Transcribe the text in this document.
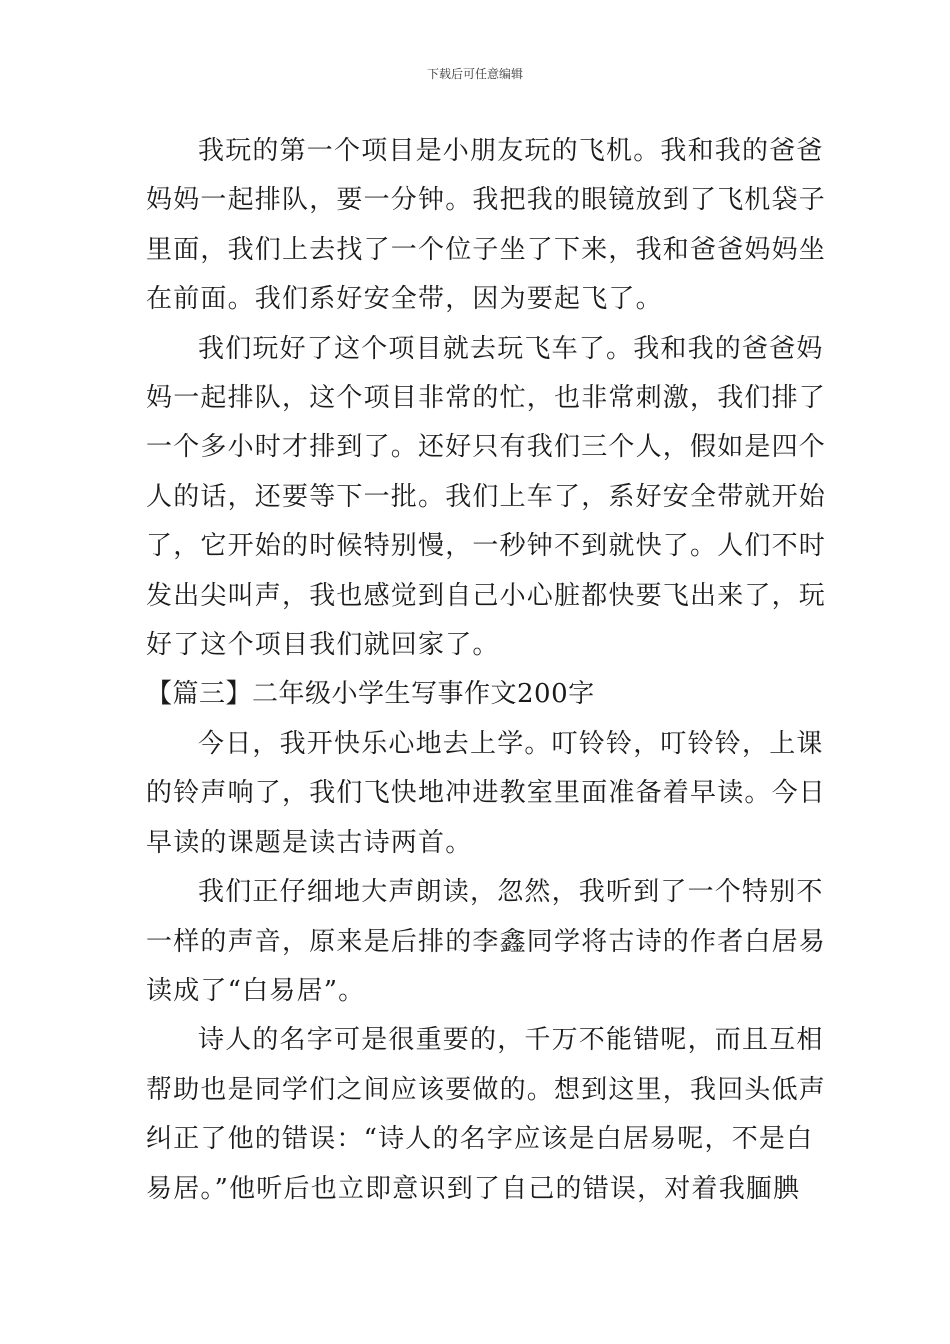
下载后可任意编辑

我玩的第一个项目是小朋友玩的飞机。我和我的爸爸
妈妈一起排队，要一分钟。我把我的眼镜放到了飞机袋子
里面，我们上去找了一个位子坐了下来，我和爸爸妈妈坐
在前面。我们系好安全带，因为要起飞了。

我们玩好了这个项目就去玩飞车了。我和我的爸爸妈
妈一起排队，这个项目非常的忙，也非常刺激，我们排了
一个多小时才排到了。还好只有我们三个人，假如是四个
人的话，还要等下一批。我们上车了，系好安全带就开始
了，它开始的时候特别慢，一秒钟不到就快了。人们不时
发出尖叫声，我也感觉到自己小心脏都快要飞出来了，玩
好了这个项目我们就回家了。

【篇三】二年级小学生写事作文200字

今日，我开快乐心地去上学。叮铃铃，叮铃铃，上课
的铃声响了，我们飞快地冲进教室里面准备着早读。今日
早读的课题是读古诗两首。

我们正仔细地大声朗读，忽然，我听到了一个特别不
一样的声音，原来是后排的李鑫同学将古诗的作者白居易
读成了“白易居”。

诗人的名字可是很重要的，千万不能错呢，而且互相
帮助也是同学们之间应该要做的。想到这里，我回头低声
纠正了他的错误：“诗人的名字应该是白居易呢，不是白
易居。”他听后也立即意识到了自己的错误，对着我腼腆
